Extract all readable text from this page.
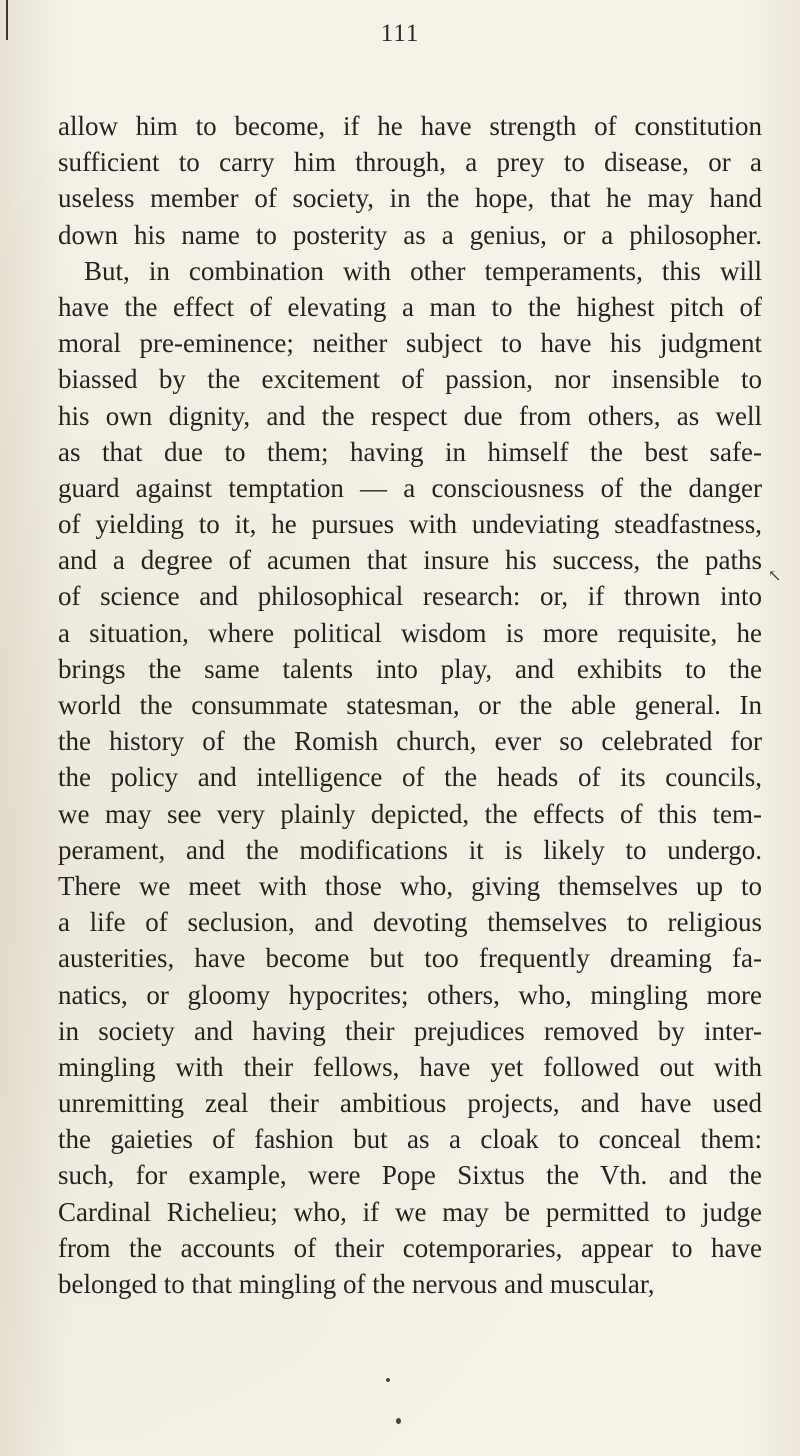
111
allow him to become, if he have strength of constitution
sufficient to carry him through, a prey to disease, or a
useless member of society, in the hope, that he may hand
down his name to posterity as a genius, or a philosopher.
But, in combination with other temperaments, this will
have the effect of elevating a man to the highest pitch of
moral pre-eminence; neither subject to have his judgment
biassed by the excitement of passion, nor insensible to
his own dignity, and the respect due from others, as well
as that due to them; having in himself the best safe-
guard against temptation — a consciousness of the danger
of yielding to it, he pursues with undeviating steadfastness,
and a degree of acumen that insure his success, the paths
of science and philosophical research: or, if thrown into
a situation, where political wisdom is more requisite, he
brings the same talents into play, and exhibits to the
world the consummate statesman, or the able general. In
the history of the Romish church, ever so celebrated for
the policy and intelligence of the heads of its councils,
we may see very plainly depicted, the effects of this tem-
perament, and the modifications it is likely to undergo.
There we meet with those who, giving themselves up to
a life of seclusion, and devoting themselves to religious
austerities, have become but too frequently dreaming fa-
natics, or gloomy hypocrites; others, who, mingling more
in society and having their prejudices removed by inter-
mingling with their fellows, have yet followed out with
unremitting zeal their ambitious projects, and have used
the gaieties of fashion but as a cloak to conceal them:
such, for example, were Pope Sixtus the Vth. and the
Cardinal Richelieu; who, if we may be permitted to judge
from the accounts of their cotemporaries, appear to have
belonged to that mingling of the nervous and muscular,
↖
